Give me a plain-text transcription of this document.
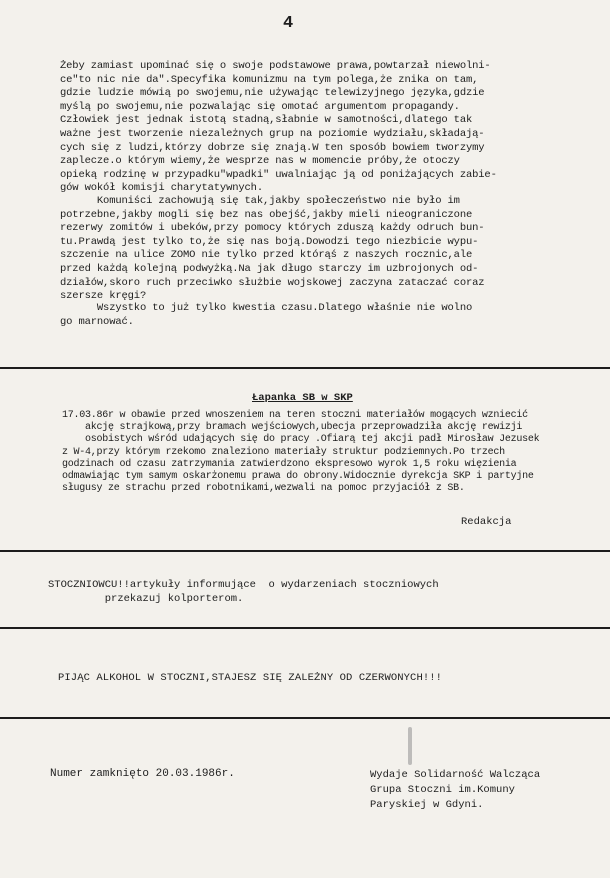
4

Żeby zamiast upominać się o swoje podstawowe prawa,powtarzał niewolni-
ce"to nic nie da".Specyfika komunizmu na tym polega,że znika on tam,
gdzie ludzie mówią po swojemu,nie używając telewizyjnego języka,gdzie
myślą po swojemu,nie pozwalając się omotać argumentom propagandy.
Człowiek jest jednak istotą stadną,słabnie w samotności,dlatego tak
ważne jest tworzenie niezależnych grup na poziomie wydziału,składają-
cych się z ludzi,którzy dobrze się znają.W ten sposób bowiem tworzymy
zaplecze.o którym wiemy,że wesprze nas w momencie próby,że otoczy
opieką rodzinę w przypadku"wpadki" uwalniając ją od poniżających zabie-
gów wokół komisji charytatywnych.

Komuniści zachowują się tak,jakby społeczeństwo nie było im
potrzebne,jakby mogli się bez nas obejść,jakby mieli nieograniczone
rezerwy zomitów i ubeków,przy pomocy których zduszą każdy odruch bun-
tu.Prawdą jest tylko to,że się nas boją.Dowodzi tego niezbicie wypu-
szczenie na ulice ZOMO nie tylko przed którąś z naszych rocznic,ale
przed każdą kolejną podwyżką.Na jak długo starczy im uzbrojonych od-
działów,skoro ruch przeciwko służbie wojskowej zaczyna zataczać coraz
szersze kręgi?

Wszystko to już tylko kwestia czasu.Dlatego właśnie nie wolno
go marnować.

Łapanka SB w SKP

17.03.86r w obawie przed wnoszeniem na teren stoczni materiałów mogących wzniecić
akcję strajkową,przy bramach wejściowych,ubecja przeprowadziła akcję rewizji
osobistych wśród udających się do pracy .Ofiarą tej akcji padł Mirosław Jezusek
z W-4,przy którym rzekomo znaleziono materiały struktur podziemnych.Po trzech
godzinach od czasu zatrzymania zatwierdzono ekspresowo wyrok 1,5 roku więzienia
odmawiając tym samym oskarżonemu prawa do obrony.Widocznie dyrekcja SKP i partyjne
sługusy ze strachu przed robotnikami,wezwali na pomoc przyjaciół z SB.

Redakcja

STOCZNIOWCU!!artykuły informujące  o wydarzeniach stoczniowych
przekazuj kolporterom.

PIJĄC ALKOHOL W STOCZNI,STAJESZ SIĘ ZALEŻNY OD CZERWONYCH!!!
Numer zamknięto 20.03.1986r.	Wydaje Solidarność Walcząca
Grupa Stoczni im.Komuny
Paryskiej w Gdyni.
